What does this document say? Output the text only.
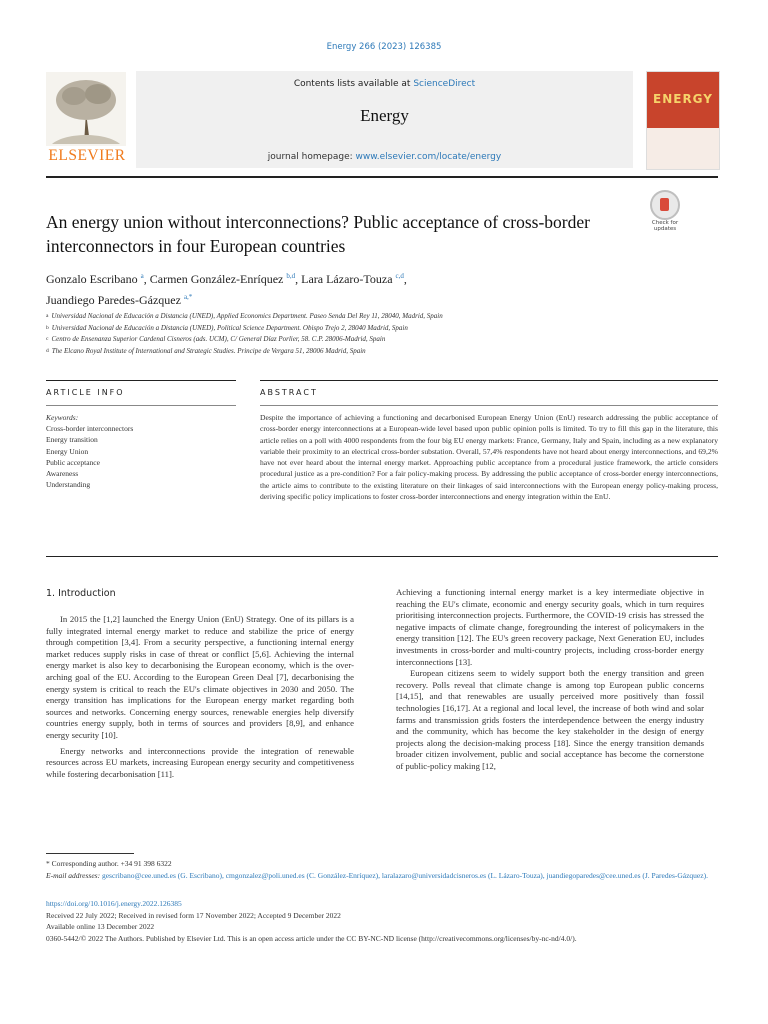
Energy 266 (2023) 126385
ELSEVIER
Contents lists available at ScienceDirect
Energy
journal homepage: www.elsevier.com/locate/energy
ENERGY
An energy union without interconnections? Public acceptance of cross-border interconnectors in four European countries
Check for updates
Gonzalo Escribano $^a$, Carmen González-Enríquez $^{b,d}$, Lara Lázaro-Touza $^{c,d}$,
Juandiego Paredes-Gázquez $^{a,*}$
$^a$ Universidad Nacional de Educación a Distancia (UNED), Applied Economics Department. Paseo Senda Del Rey 11, 28040, Madrid, Spain
$^b$ Universidad Nacional de Educación a Distancia (UNED), Political Science Department. Obispo Trejo 2, 28040 Madrid, Spain
$^c$ Centro de Ensenanza Superior Cardenal Cisneros (ads. UCM), C/ General Díaz Porlier, 58. C.P. 28006-Madrid, Spain
$^d$ The Elcano Royal Institute of International and Strategic Studies. Principe de Vergara 51, 28006 Madrid, Spain
ARTICLE INFO	ABSTRACT
Keywords:
Cross-border interconnectors
Energy transition
Energy Union
Public acceptance
Awareness
Understanding
Despite the importance of achieving a functioning and decarbonised European Energy Union (EnU) research addressing the public acceptance of cross-border energy interconnections at a European-wide level based upon public opinion polls is limited. To try to fill this gap in the literature, this article relies on a poll with 4000 respondents from the four big EU energy markets: France, Germany, Italy and Spain, including as a new explanatory variable their proximity to an electrical cross-border substation. Overall, 57,4% respondents have not heard about energy interconnections, and 69,2% have not ever heard about the internal energy market. Approaching public acceptance from a procedural justice framework, the article considers procedural justice as a pre-condition? For a fair policy-making process. By addressing the public acceptance of cross-border energy interconnections, the article aims to contribute to the existing literature on their linkages of said interconnections with the European energy policy-making process, deriving specific policy implications to foster cross-border interconnections and energy integration within the EnU.
1. Introduction

In 2015 the [1,2] launched the Energy Union (EnU) Strategy. One of its pillars is a fully integrated internal energy market to reduce and stabilize the price of energy through competition [3,4]. From a security perspective, a functioning internal energy market reduces supply risks in case of threat or conflict [5,6]. Achieving the internal energy market is also key to decarbonising the European economy, which is the over-arching goal of the EU. According to the European Green Deal [7], decarbonising the energy system is critical to reach the EU's climate objectives in 2030 and 2050. The energy transition has implications for the European energy market regarding both sources and networks. Concerning energy sources, renewable energies help diversify countries energy supply, both in terms of sources and providers [8,9], and enhance energy security [10].

Energy networks and interconnections provide the integration of renewable resources across EU markets, increasing European energy security and competitiveness while fostering decarbonisation [11].

Achieving a functioning internal energy market is a key intermediate objective in reaching the EU's climate, economic and energy security goals, which in turn requires prioritising interconnection projects. Furthermore, the COVID-19 crisis has stressed the negative impacts of climate change, foregrounding the interest of policymakers in the energy transition [12]. The EU's green recovery package, Next Generation EU, includes investments in cross-border and multi-country projects, including cross-border energy interconnections [13].

European citizens seem to widely support both the energy transition and green recovery. Polls reveal that climate change is among top European public concerns [14,15], and that renewables are usually perceived more positively than fossil technologies [16,17]. At a regional and local level, the increase of both wind and solar farms and transmission grids fosters the interdependence between the energy industry and the community, which has become the key stakeholder in the design of energy projects along the decision-making process [18]. Since the energy transition demands broader citizen involvement, public and social acceptance has become the cornerstone of public-policy making [12,

* Corresponding author. +34 91 398 6322
E-mail addresses: gescribano@cee.uned.es (G. Escribano), cmgonzalez@poli.uned.es (C. González-Enríquez), laralazaro@universidadcisneros.es (L. Lázaro-Touza), juandiegoparedes@cee.uned.es (J. Paredes-Gázquez).
https://doi.org/10.1016/j.energy.2022.126385
Received 22 July 2022; Received in revised form 17 November 2022; Accepted 9 December 2022
Available online 13 December 2022
0360-5442/© 2022 The Authors. Published by Elsevier Ltd. This is an open access article under the CC BY-NC-ND license (http://creativecommons.org/licenses/by-nc-nd/4.0/).
